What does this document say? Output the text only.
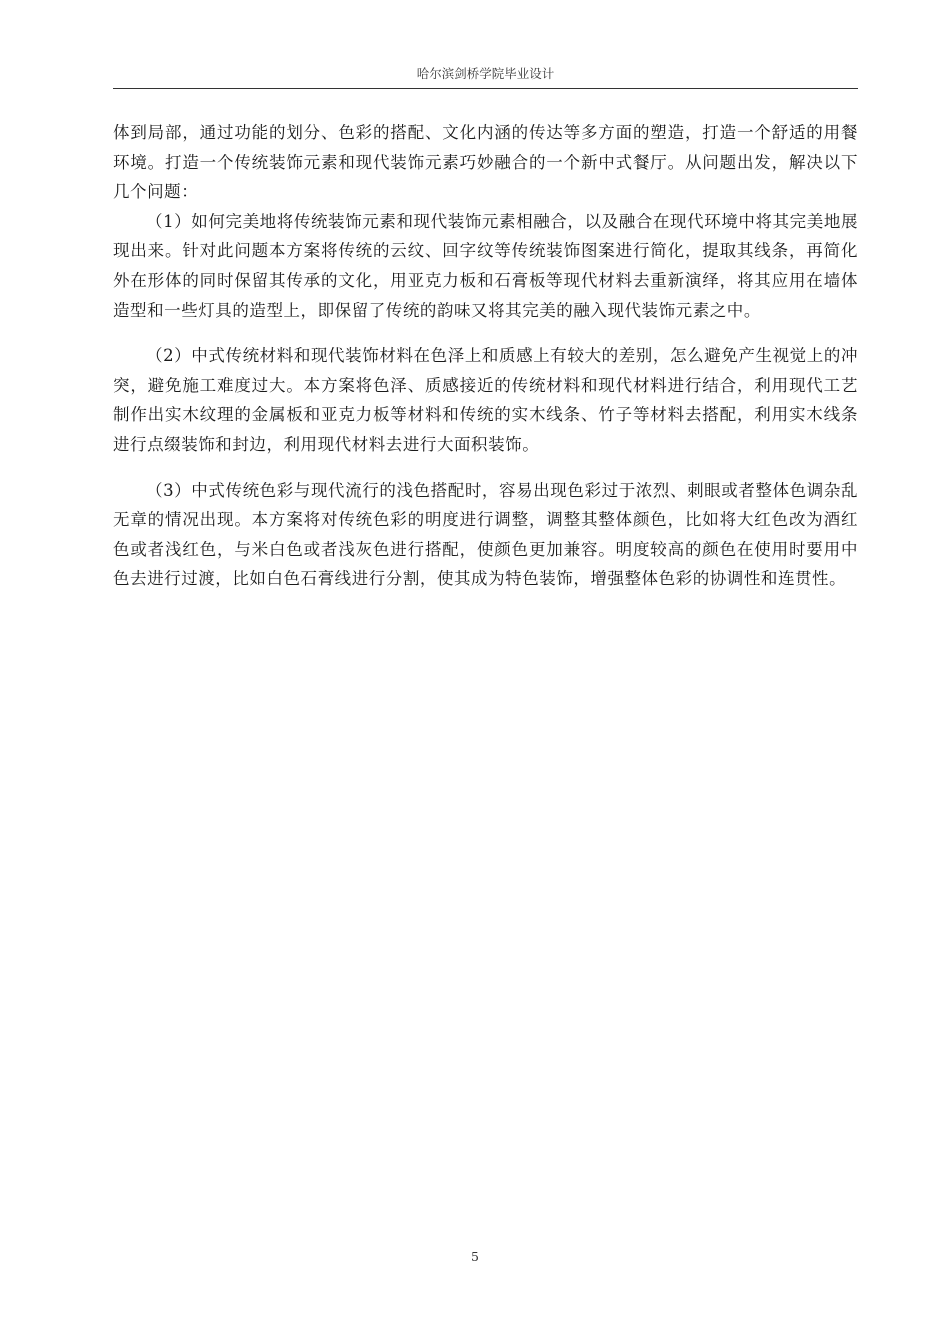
哈尔滨剑桥学院毕业设计

体到局部，通过功能的划分、色彩的搭配、文化内涵的传达等多方面的塑造，打造一个舒适的用餐环境。打造一个传统装饰元素和现代装饰元素巧妙融合的一个新中式餐厅。从问题出发，解决以下几个问题：

（1）如何完美地将传统装饰元素和现代装饰元素相融合，以及融合在现代环境中将其完美地展现出来。针对此问题本方案将传统的云纹、回字纹等传统装饰图案进行简化，提取其线条，再简化外在形体的同时保留其传承的文化，用亚克力板和石膏板等现代材料去重新演绎，将其应用在墙体造型和一些灯具的造型上，即保留了传统的韵味又将其完美的融入现代装饰元素之中。

（2）中式传统材料和现代装饰材料在色泽上和质感上有较大的差别，怎么避免产生视觉上的冲突，避免施工难度过大。本方案将色泽、质感接近的传统材料和现代材料进行结合，利用现代工艺制作出实木纹理的金属板和亚克力板等材料和传统的实木线条、竹子等材料去搭配，利用实木线条进行点缀装饰和封边，利用现代材料去进行大面积装饰。

（3）中式传统色彩与现代流行的浅色搭配时，容易出现色彩过于浓烈、刺眼或者整体色调杂乱无章的情况出现。本方案将对传统色彩的明度进行调整，调整其整体颜色，比如将大红色改为酒红色或者浅红色，与米白色或者浅灰色进行搭配，使颜色更加兼容。明度较高的颜色在使用时要用中色去进行过渡，比如白色石膏线进行分割，使其成为特色装饰，增强整体色彩的协调性和连贯性。

5
